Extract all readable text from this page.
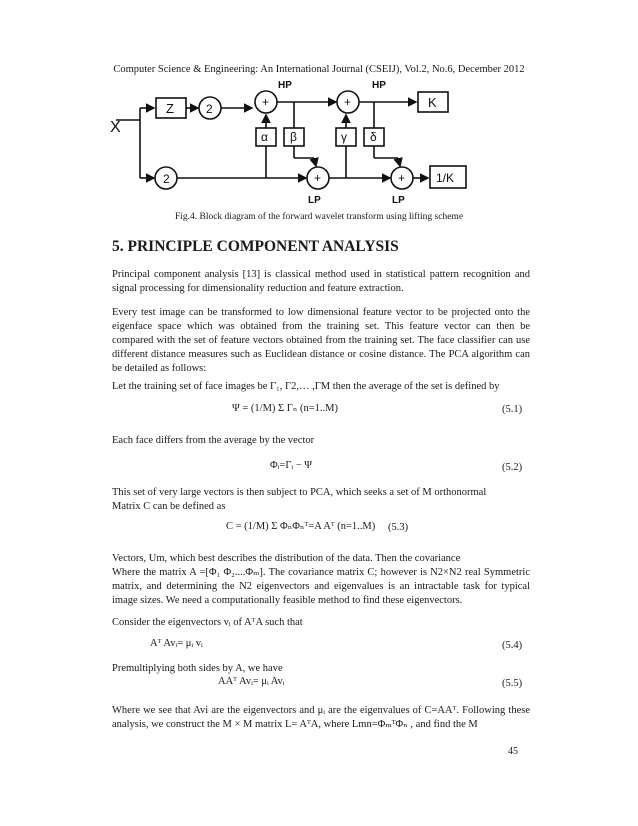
Computer Science & Engineering: An International Journal (CSEIJ), Vol.2, No.6, December 2012
X
Z	2
2
+	+
+	+
HP	HP
K
α β	γ δ
1/K
LP	LP
Fig.4. Block diagram of the forward wavelet transform using lifting scheme
5. PRINCIPLE COMPONENT ANALYSIS
Principal component analysis [13] is classical method used in statistical pattern recognition and signal processing for dimensionality reduction and feature extraction.
Every test image can be transformed to low dimensional feature vector to be projected onto the eigenface space which was obtained from the training set. This feature vector can then be compared with the set of feature vectors obtained from the training set. The face classifier can use different distance measures such as Euclidean distance or cosine distance. The PCA algorithm can be detailed as follows:
Let the training set of face images be Γ₁, Γ2,… ,ΓM then the average of the set is defined by
Ψ = (1/M) Σ Γₙ (n=1..M)	(5.1)
Each face differs from the average by the vector
Φᵢ=Γᵢ − Ψ	(5.2)
This set of very large vectors is then subject to PCA, which seeks a set of M orthonormal
Matrix C can be defined as
C = (1/M) Σ ΦₙΦₙᵀ=A Aᵀ (n=1..M) (5.3)
Vectors, Um, which best describes the distribution of the data. Then the covariance
Where the matrix A =[Φ₁ Φ₂....Φₘ]. The covariance matrix C; however is N2×N2 real Symmetric matrix, and determining the N2 eigenvectors and eigenvalues is an intractable task for typical image sizes. We need a computationally feasible method to find these eigenvectors.
Consider the eigenvectors vᵢ of AᵀA such that
Aᵀ Avᵢ= μᵢ vᵢ	(5.4)
Premultiplying both sides by A, we have
AAᵀ Avᵢ= μᵢ Avᵢ	(5.5)
Where we see that Avi are the eigenvectors and μᵢ are the eigenvalues of C=AAᵀ. Following these analysis, we construct the M × M matrix L= AᵀA, where Lmn=ΦₘᵀΦₙ , and find the M
45
